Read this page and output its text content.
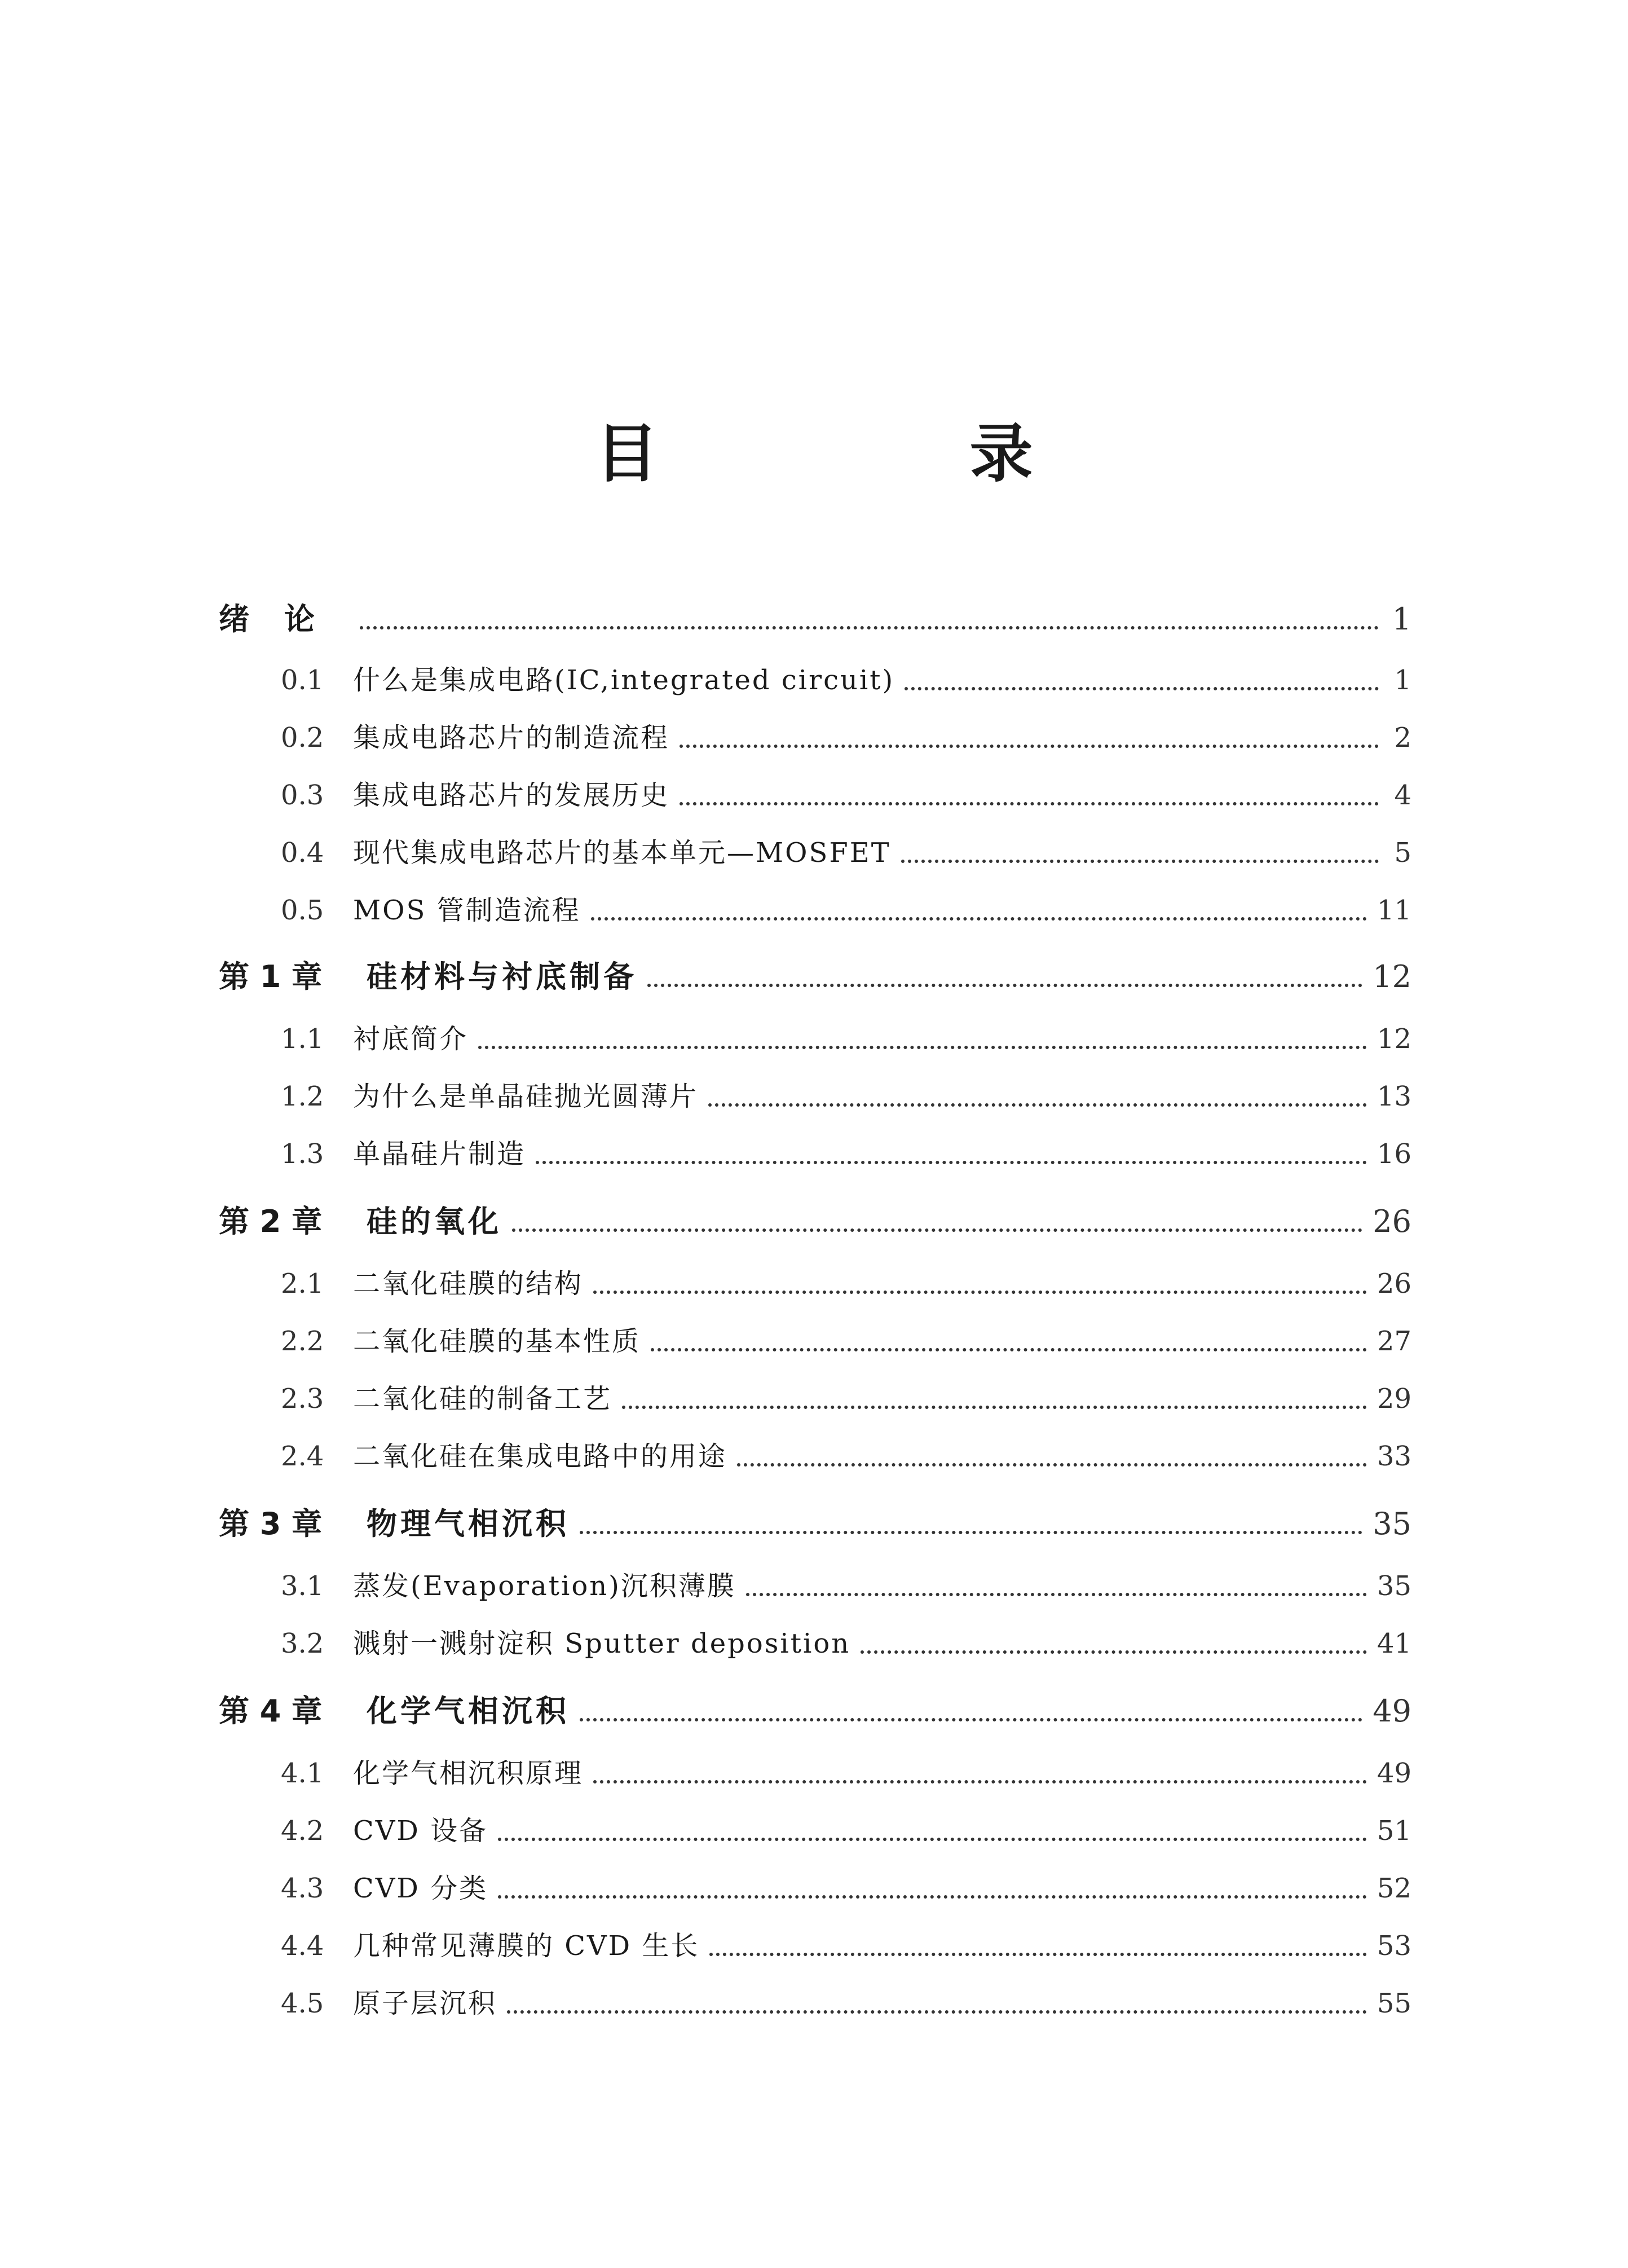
目　录
绪论	1
0.1	什么是集成电路(IC,integrated circuit)	1
0.2	集成电路芯片的制造流程	2
0.3	集成电路芯片的发展历史	4
0.4	现代集成电路芯片的基本单元—MOSFET	5
0.5	MOS 管制造流程	11
第 1 章	硅材料与衬底制备	12
1.1	衬底简介	12
1.2	为什么是单晶硅抛光圆薄片	13
1.3	单晶硅片制造	16
第 2 章	硅的氧化	26
2.1	二氧化硅膜的结构	26
2.2	二氧化硅膜的基本性质	27
2.3	二氧化硅的制备工艺	29
2.4	二氧化硅在集成电路中的用途	33
第 3 章	物理气相沉积	35
3.1	蒸发(Evaporation)沉积薄膜	35
3.2	溅射一溅射淀积 Sputter deposition	41
第 4 章	化学气相沉积	49
4.1	化学气相沉积原理	49
4.2	CVD 设备	51
4.3	CVD 分类	52
4.4	几种常见薄膜的 CVD 生长	53
4.5	原子层沉积	55
